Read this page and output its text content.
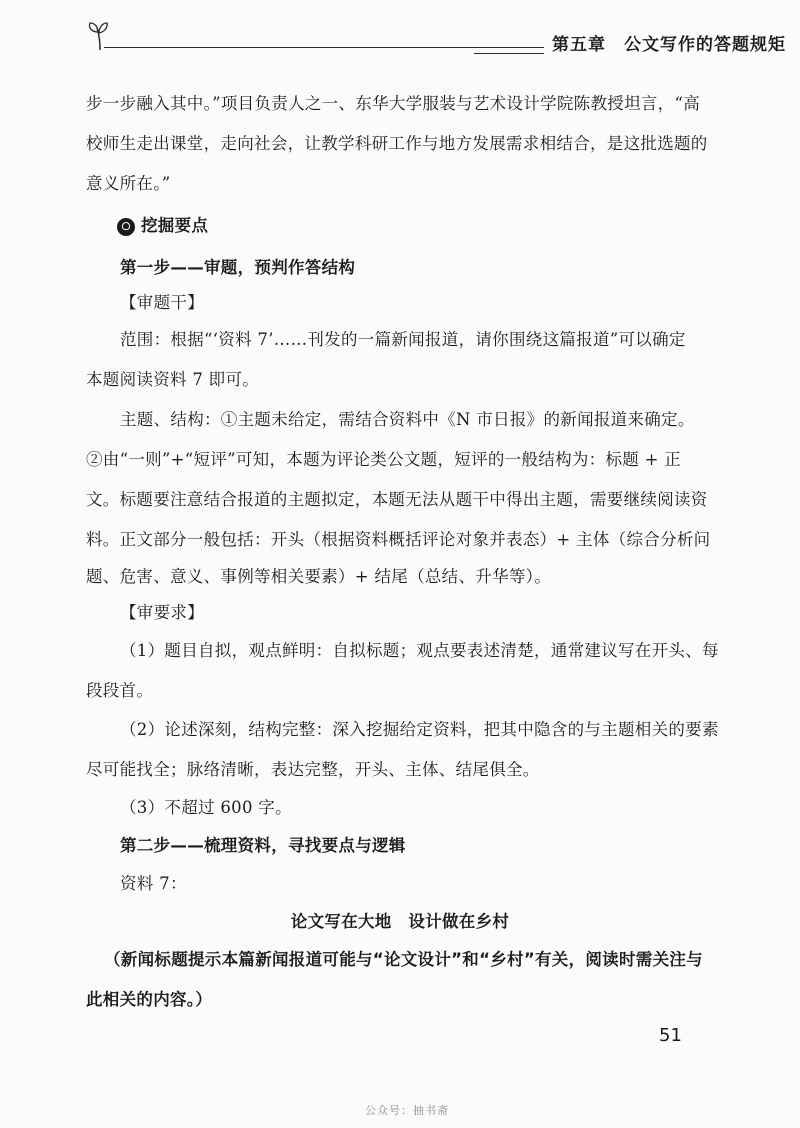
第五章　公文写作的答题规矩
步一步融入其中。”项目负责人之一、东华大学服装与艺术设计学院陈教授坦言，“高
校师生走出课堂，走向社会，让教学科研工作与地方发展需求相结合，是这批选题的
意义所在。”
挖掘要点
第一步——审题，预判作答结构
【审题干】
范围：根据“‘资料 7’……刊发的一篇新闻报道，请你围绕这篇报道”可以确定
本题阅读资料 7 即可。
主题、结构：①主题未给定，需结合资料中《N 市日报》的新闻报道来确定。
②由“一则”+“短评”可知，本题为评论类公文题，短评的一般结构为：标题 + 正
文。标题要注意结合报道的主题拟定，本题无法从题干中得出主题，需要继续阅读资
料。正文部分一般包括：开头（根据资料概括评论对象并表态）+ 主体（综合分析问
题、危害、意义、事例等相关要素）+ 结尾（总结、升华等）。
【审要求】
（1）题目自拟，观点鲜明：自拟标题；观点要表述清楚，通常建议写在开头、每
段段首。
（2）论述深刻，结构完整：深入挖掘给定资料，把其中隐含的与主题相关的要素
尽可能找全；脉络清晰，表达完整，开头、主体、结尾俱全。
（3）不超过 600 字。
第二步——梳理资料，寻找要点与逻辑
资料 7：
论文写在大地　设计做在乡村
（新闻标题提示本篇新闻报道可能与“论文设计”和“乡村”有关，阅读时需关注与
此相关的内容。）
51
公众号：抽书斋
